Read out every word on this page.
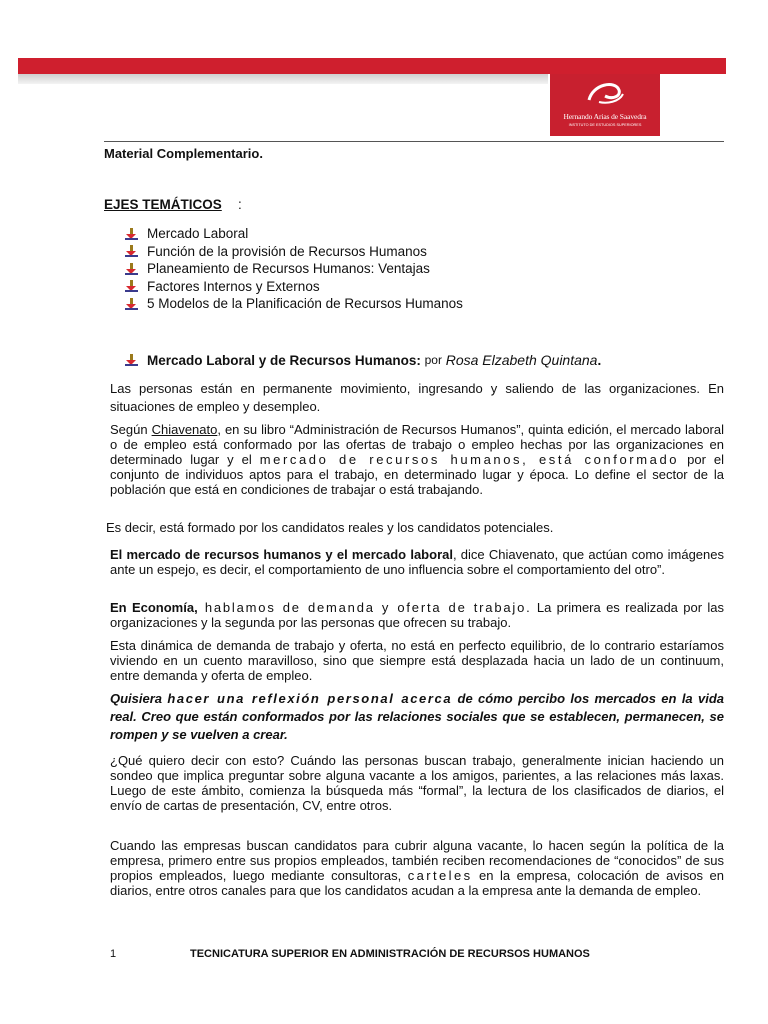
Hernando Arias de Saavedra
INSTITUTO DE ESTUDIOS SUPERIORES
Material Complementario.
EJES TEMÁTICOS :
Mercado Laboral
Función de la provisión de Recursos Humanos
Planeamiento de Recursos Humanos: Ventajas
Factores Internos y Externos
5 Modelos de la Planificación de Recursos Humanos
Mercado Laboral y de Recursos Humanos:
por
Rosa Elzabeth Quintana .
Las personas están en permanente movimiento, ingresando y saliendo de las organizaciones. En situaciones de empleo y desempleo.
Según Chiavenato, en su libro “Administración de Recursos Humanos”, quinta edición, el mercado laboral o de empleo está conformado por las ofertas de trabajo o empleo hechas por las organizaciones en determinado lugar y el mercado de recursos humanos, está conformado por el conjunto de individuos aptos para el trabajo, en determinado lugar y época. Lo define el sector de la población que está en condiciones de trabajar o está trabajando.
Es decir, está formado por los candidatos reales y los candidatos potenciales.
El mercado de recursos humanos y el mercado laboral, dice Chiavenato, que actúan como imágenes ante un espejo, es decir, el comportamiento de uno influencia sobre el comportamiento del otro”.
En Economía, hablamos de demanda y oferta de trabajo. La primera es realizada por las organizaciones y la segunda por las personas que ofrecen su trabajo.
Esta dinámica de demanda de trabajo y oferta, no está en perfecto equilibrio, de lo contrario estaríamos viviendo en un cuento maravilloso, sino que siempre está desplazada hacia un lado de un continuum, entre demanda y oferta de empleo.
Quisiera hacer una reflexión personal acerca de cómo percibo los mercados en la vida real. Creo que están conformados por las relaciones sociales que se establecen, permanecen, se rompen y se vuelven a crear.
¿Qué quiero decir con esto? Cuándo las personas buscan trabajo, generalmente inician haciendo un sondeo que implica preguntar sobre alguna vacante a los amigos, parientes, a las relaciones más laxas. Luego de este ámbito, comienza la búsqueda más “formal”, la lectura de los clasificados de diarios, el envío de cartas de presentación, CV, entre otros.
Cuando las empresas buscan candidatos para cubrir alguna vacante, lo hacen según la política de la empresa, primero entre sus propios empleados, también reciben recomendaciones de “conocidos” de sus propios empleados, luego mediante consultoras, carteles en la empresa, colocación de avisos en diarios, entre otros canales para que los candidatos acudan a la empresa ante la demanda de empleo.
1	TECNICATURA SUPERIOR EN ADMINISTRACIÓN DE RECURSOS HUMANOS
